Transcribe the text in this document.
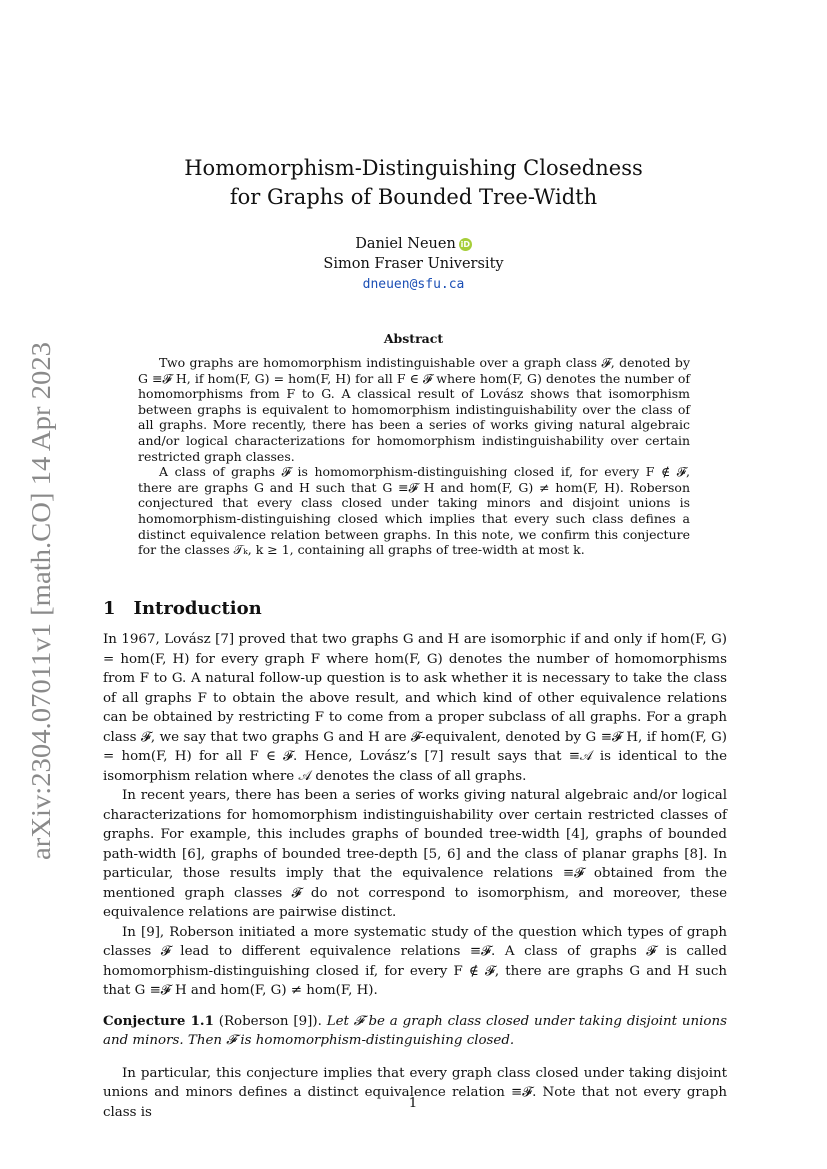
arXiv:2304.07011v1 [math.CO] 14 Apr 2023
Homomorphism-Distinguishing Closedness
for Graphs of Bounded Tree-Width
Daniel Neuen iD
Simon Fraser University
dneuen@sfu.ca
Abstract

Two graphs are homomorphism indistinguishable over a graph class 𝓕, denoted by G ≡𝓕 H, if hom(F, G) = hom(F, H) for all F ∈ 𝓕 where hom(F, G) denotes the number of homomorphisms from F to G. A classical result of Lovász shows that isomorphism between graphs is equivalent to homomorphism indistinguishability over the class of all graphs. More recently, there has been a series of works giving natural algebraic and/or logical characterizations for homomorphism indistinguishability over certain restricted graph classes.

A class of graphs 𝓕 is homomorphism-distinguishing closed if, for every F ∉ 𝓕, there are graphs G and H such that G ≡𝓕 H and hom(F, G) ≠ hom(F, H). Roberson conjectured that every class closed under taking minors and disjoint unions is homomorphism-distinguishing closed which implies that every such class defines a distinct equivalence relation between graphs. In this note, we confirm this conjecture for the classes 𝒯ₖ, k ≥ 1, containing all graphs of tree-width at most k.

1 Introduction

In 1967, Lovász [7] proved that two graphs G and H are isomorphic if and only if hom(F, G) = hom(F, H) for every graph F where hom(F, G) denotes the number of homomorphisms from F to G. A natural follow-up question is to ask whether it is necessary to take the class of all graphs F to obtain the above result, and which kind of other equivalence relations can be obtained by restricting F to come from a proper subclass of all graphs. For a graph class 𝓕, we say that two graphs G and H are 𝓕-equivalent, denoted by G ≡𝓕 H, if hom(F, G) = hom(F, H) for all F ∈ 𝓕. Hence, Lovász’s [7] result says that ≡𝒜 is identical to the isomorphism relation where 𝒜 denotes the class of all graphs.

In recent years, there has been a series of works giving natural algebraic and/or logical characterizations for homomorphism indistinguishability over certain restricted classes of graphs. For example, this includes graphs of bounded tree-width [4], graphs of bounded path-width [6], graphs of bounded tree-depth [5, 6] and the class of planar graphs [8]. In particular, those results imply that the equivalence relations ≡𝓕 obtained from the mentioned graph classes 𝓕 do not correspond to isomorphism, and moreover, these equivalence relations are pairwise distinct.

In [9], Roberson initiated a more systematic study of the question which types of graph classes 𝓕 lead to different equivalence relations ≡𝓕. A class of graphs 𝓕 is called homomorphism-distinguishing closed if, for every F ∉ 𝓕, there are graphs G and H such that G ≡𝓕 H and hom(F, G) ≠ hom(F, H).

Conjecture 1.1 (Roberson [9]). Let 𝓕 be a graph class closed under taking disjoint unions and minors. Then 𝓕 is homomorphism-distinguishing closed.

In particular, this conjecture implies that every graph class closed under taking disjoint unions and minors defines a distinct equivalence relation ≡𝓕. Note that not every graph class is

1
